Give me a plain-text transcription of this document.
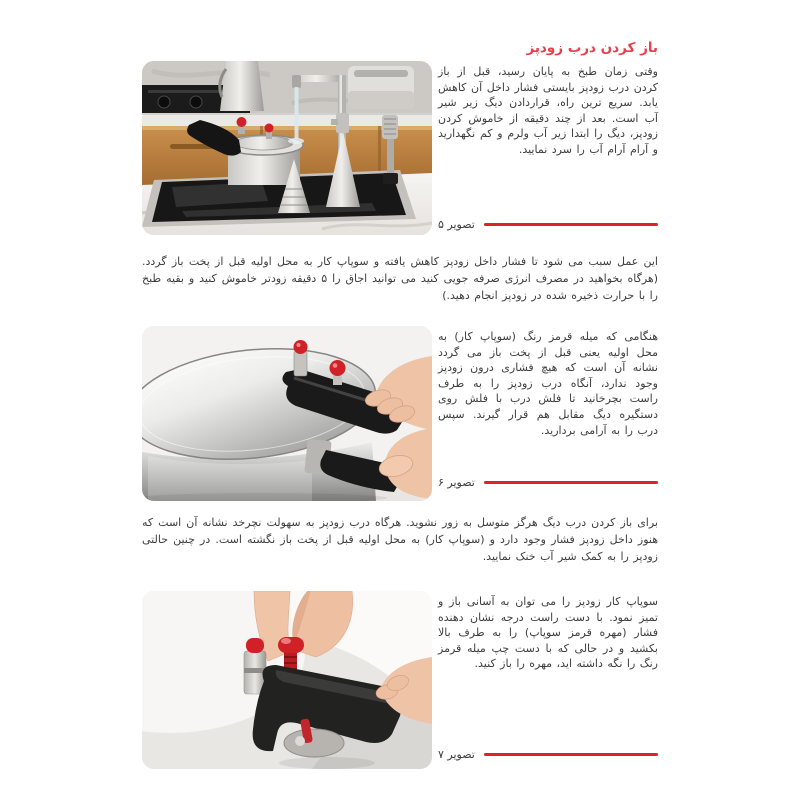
باز کردن درب زودپز

وقتی زمان طبخ به پایان رسید، قبل از باز کردن درب زودپز بایستی فشار داخل آن کاهش یابد. سریع ترین راه، قراردادن دیگ زیر شیر آب است. بعد از چند دقیقه از خاموش کردن زودپز، دیگ را ابتدا زیر آب ولرم و کم نگهدارید و آرام آرام آب را سرد نمایید.

تصویر ۵

این عمل سبب می شود تا فشار داخل زودپز کاهش یافته و سوپاپ کار به محل اولیه قبل از پخت باز گردد. (هرگاه بخواهید در مصرف انرژی صرفه جویی کنید می توانید اجاق را ۵ دقیقه زودتر خاموش کنید و بقیه طبخ را با حرارت ذخیره شده در زودپز انجام دهید.)

هنگامی که میله قرمز رنگ (سوپاپ کار) به محل اولیه یعنی قبل از پخت باز می گردد نشانه آن است که هیچ فشاری درون زودپز وجود ندارد، آنگاه درب زودپز را به طرف راست بچرخانید تا فلش درب با فلش روی دستگیره دیگ مقابل هم قرار گیرند. سپس درب را به آرامی بردارید.

تصویر ۶

برای باز کردن درب دیگ هرگز متوسل به زور نشوید. هرگاه درب زودپز به سهولت نچرخد نشانه آن است که هنوز داخل زودپز فشار وجود دارد و (سوپاپ کار) به محل اولیه قبل از پخت باز نگشته است. در چنین حالتی زودپز را به کمک شیر آب خنک نمایید.

سوپاپ کار زودپز را می توان به آسانی باز و تمیز نمود. با دست راست درجه نشان دهنده فشار (مهره قرمز سوپاپ) را به طرف بالا بکشید و در حالی که با دست چپ میله قرمز رنگ را نگه داشته اید، مهره را باز کنید.

تصویر ۷
